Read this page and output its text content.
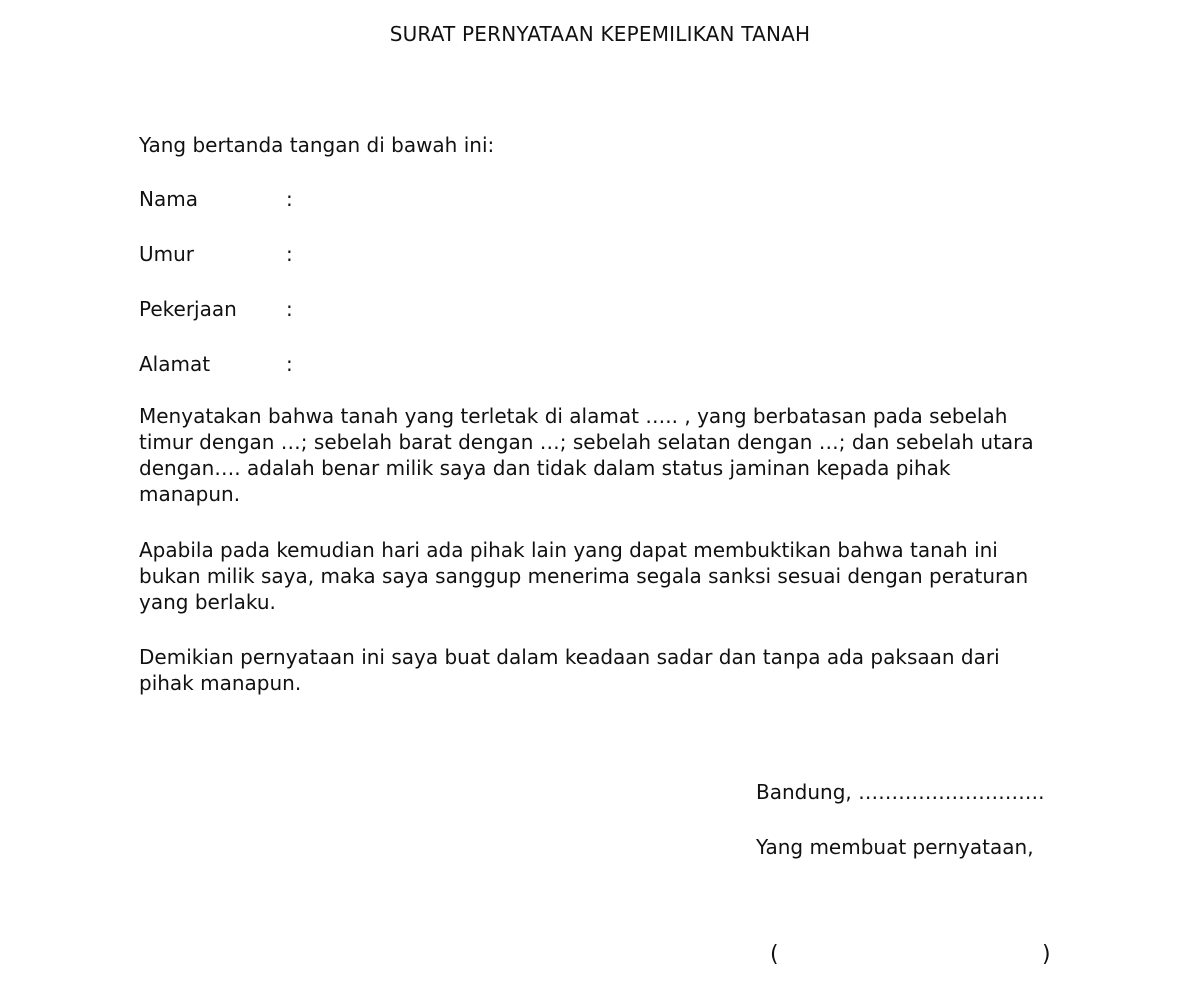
SURAT PERNYATAAN KEPEMILIKAN TANAH
Yang bertanda tangan di bawah ini:
Nama	:
Umur	:
Pekerjaan :
Alamat	:

Menyatakan bahwa tanah yang terletak di alamat ….. , yang berbatasan pada sebelah timur dengan …; sebelah barat dengan …; sebelah selatan dengan …; dan sebelah utara dengan…. adalah benar milik saya dan tidak dalam status jaminan kepada pihak manapun.

Apabila pada kemudian hari ada pihak lain yang dapat membuktikan bahwa tanah ini bukan milik saya, maka saya sanggup menerima segala sanksi sesuai dengan peraturan yang berlaku.

Demikian pernyataan ini saya buat dalam keadaan sadar dan tanpa ada paksaan dari pihak manapun.

Bandung, ……………………….
Yang membuat pernyataan,
(	)
